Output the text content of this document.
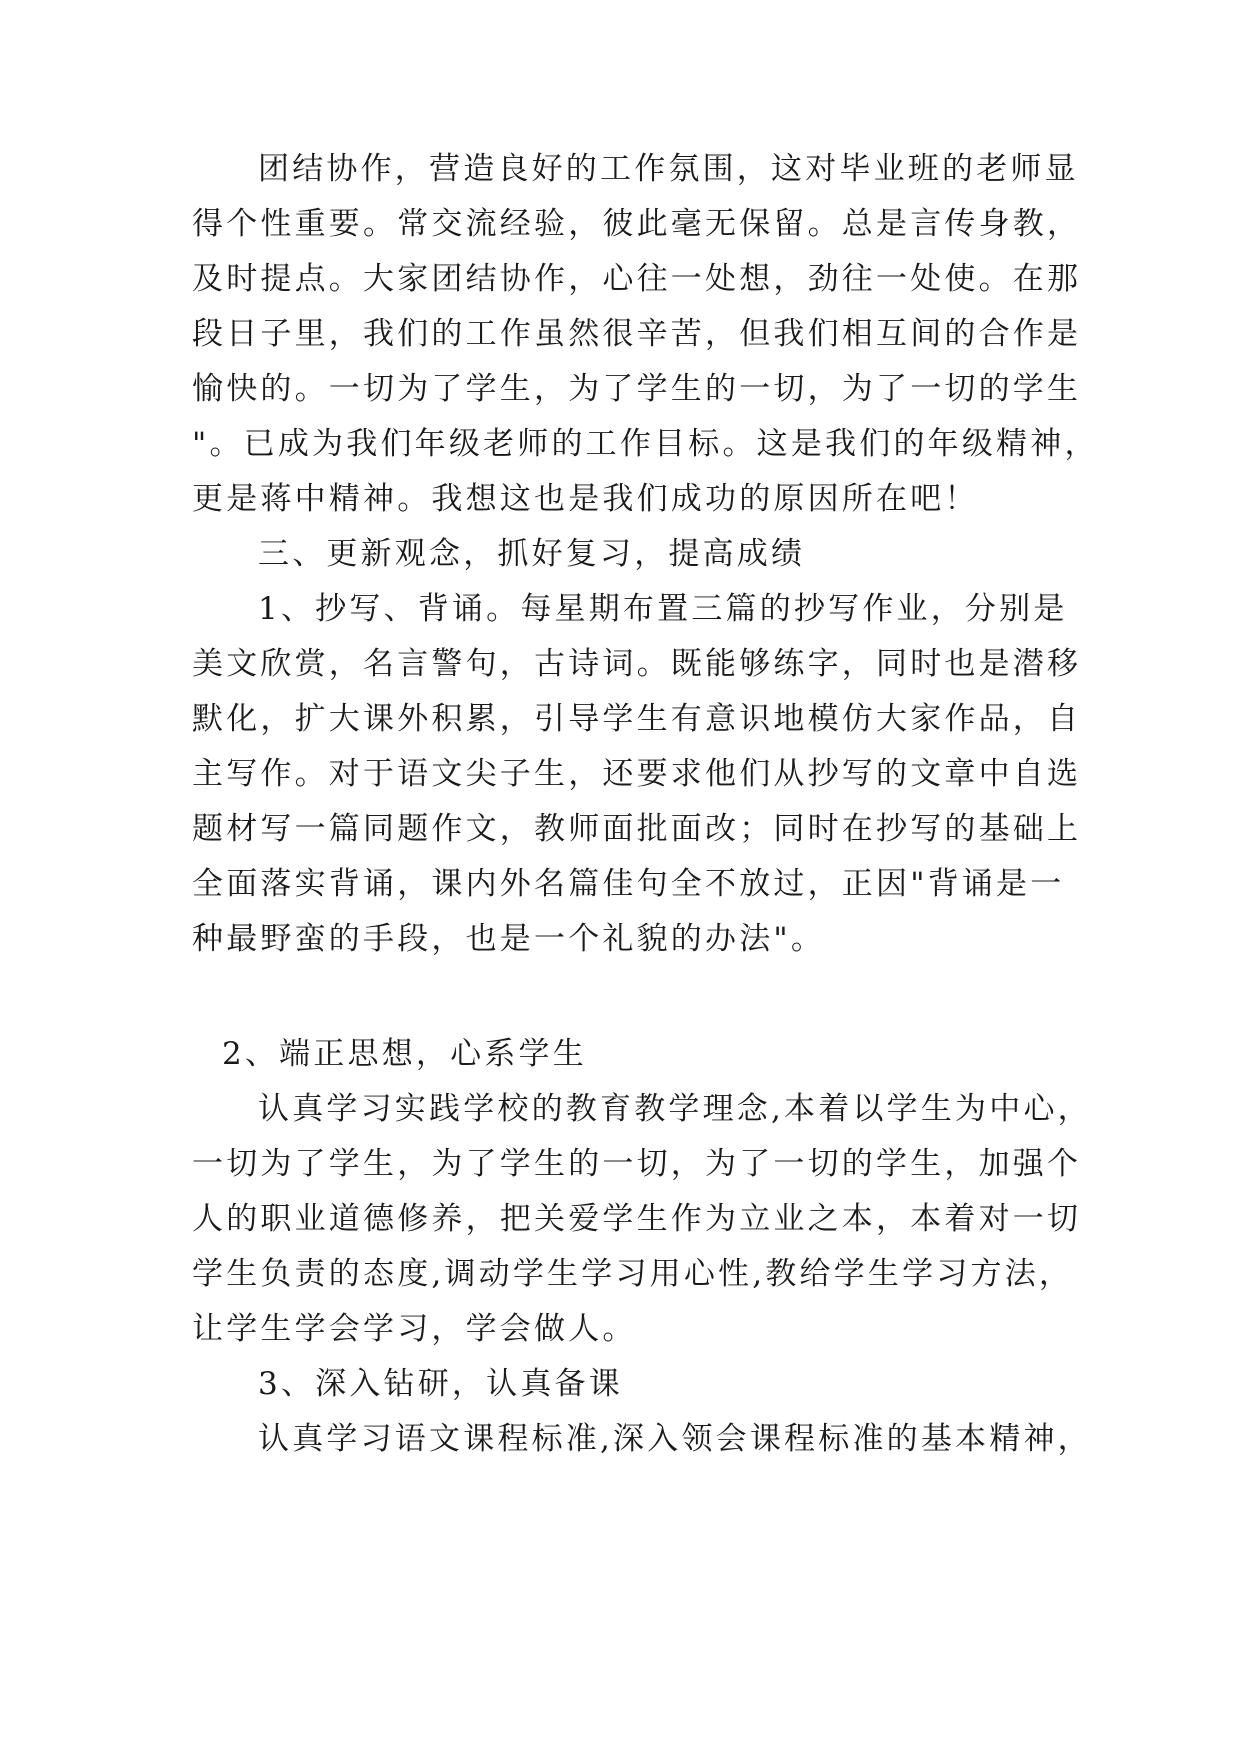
团结协作，营造良好的工作氛围，这对毕业班的老师显
得个性重要。常交流经验，彼此毫无保留。总是言传身教，
及时提点。大家团结协作，心往一处想，劲往一处使。在那
段日子里，我们的工作虽然很辛苦，但我们相互间的合作是
愉快的。一切为了学生，为了学生的一切，为了一切的学生
"。已成为我们年级老师的工作目标。这是我们的年级精神，
更是蒋中精神。我想这也是我们成功的原因所在吧！
三、更新观念，抓好复习，提高成绩
1、抄写、背诵。每星期布置三篇的抄写作业，分别是
美文欣赏，名言警句，古诗词。既能够练字，同时也是潜移
默化，扩大课外积累，引导学生有意识地模仿大家作品，自
主写作。对于语文尖子生，还要求他们从抄写的文章中自选
题材写一篇同题作文，教师面批面改；同时在抄写的基础上
全面落实背诵，课内外名篇佳句全不放过，正因"背诵是一
种最野蛮的手段，也是一个礼貌的办法"。
2、端正思想，心系学生
认真学习实践学校的教育教学理念,本着以学生为中心，
一切为了学生，为了学生的一切，为了一切的学生，加强个
人的职业道德修养，把关爱学生作为立业之本，本着对一切
学生负责的态度,调动学生学习用心性,教给学生学习方法，
让学生学会学习，学会做人。
3、深入钻研，认真备课
认真学习语文课程标准,深入领会课程标准的基本精神，
